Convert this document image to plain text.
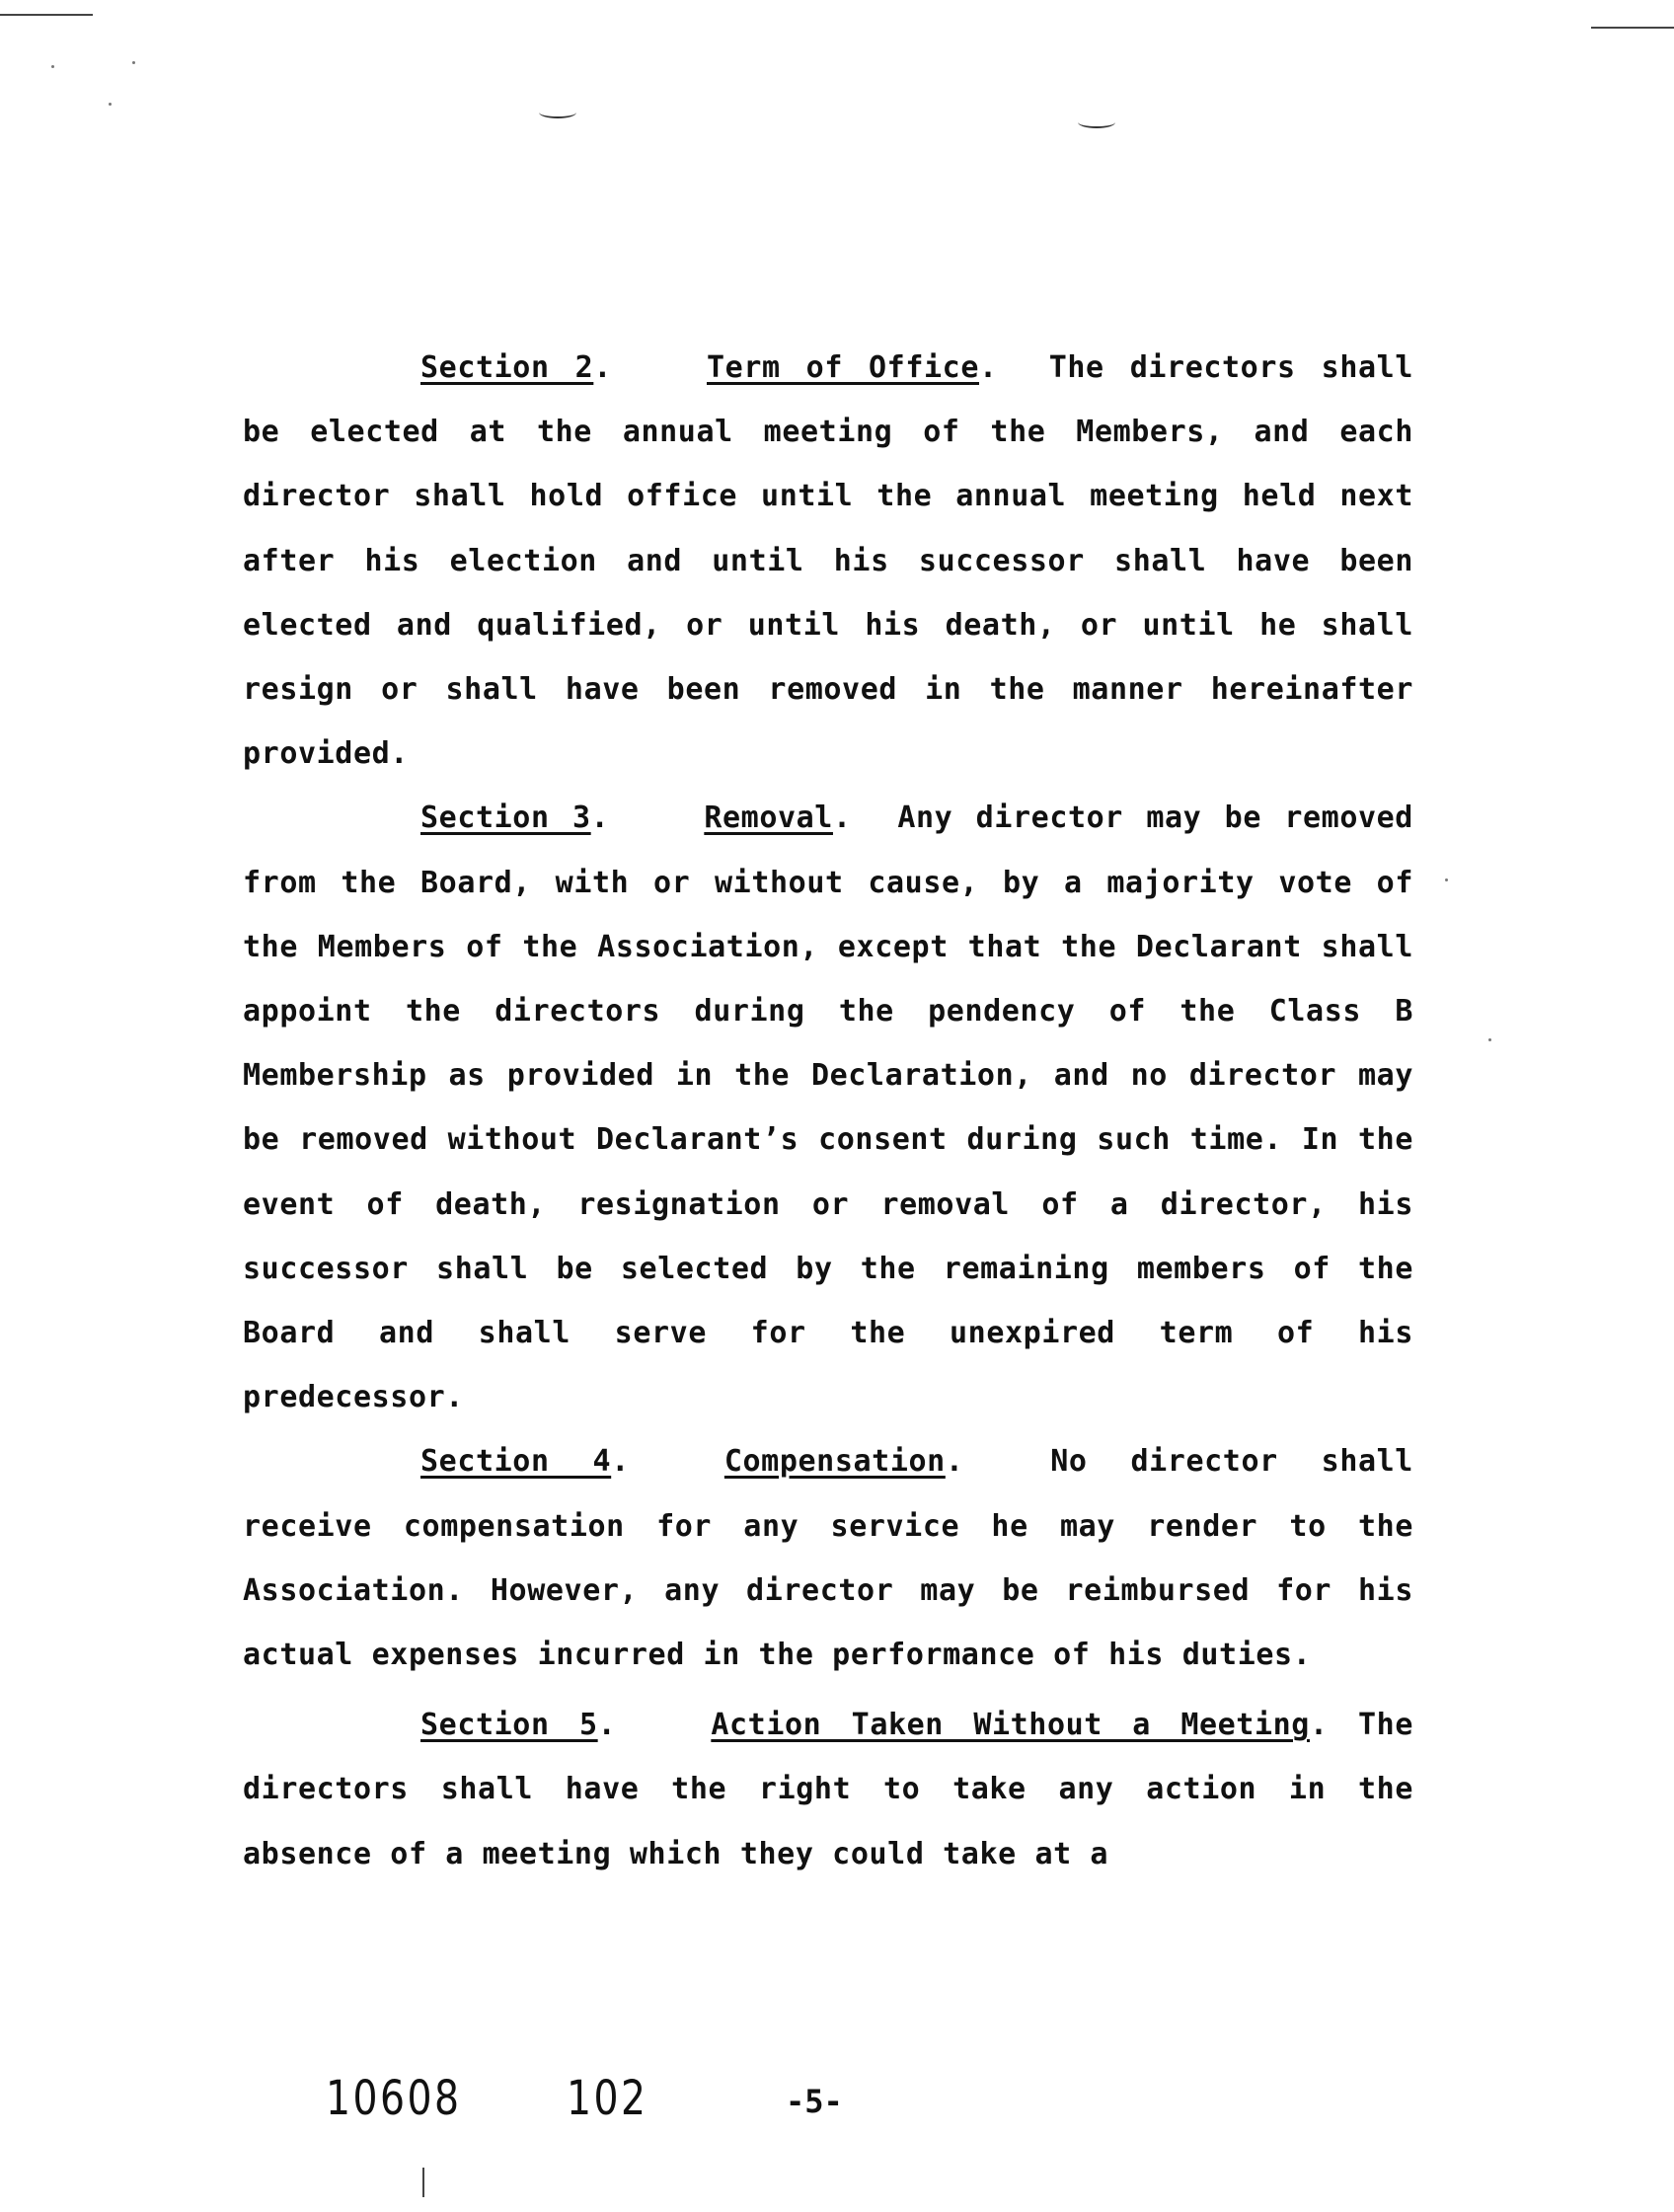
Section 2.	Term of Office.  The directors shall be elected at the annual meeting of the Members, and each director shall hold office until the annual meeting held next after his election and until his successor shall have been elected and qualified, or until his death, or until he shall resign or shall have been removed in the manner hereinafter provided.

Section 3.	Removal.  Any director may be removed from the Board, with or without cause, by a majority vote of the Members of the Association, except that the Declarant shall appoint the directors during the pendency of the Class B Membership as provided in the Declaration, and no director may be removed without Declarant’s consent during such time. In the event of death, resignation or removal of a director, his successor shall be selected by the remaining members of the Board and shall serve for the unexpired term of his predecessor.

Section 4.	Compensation.  No director shall receive compensation for any service he may render to the Association. However, any director may be reimbursed for his actual expenses incurred in the performance of his duties.

Section 5.	Action Taken Without a Meeting. The directors shall have the right to take any action in the absence of a meeting which they could take at a

10608 102	-5-
